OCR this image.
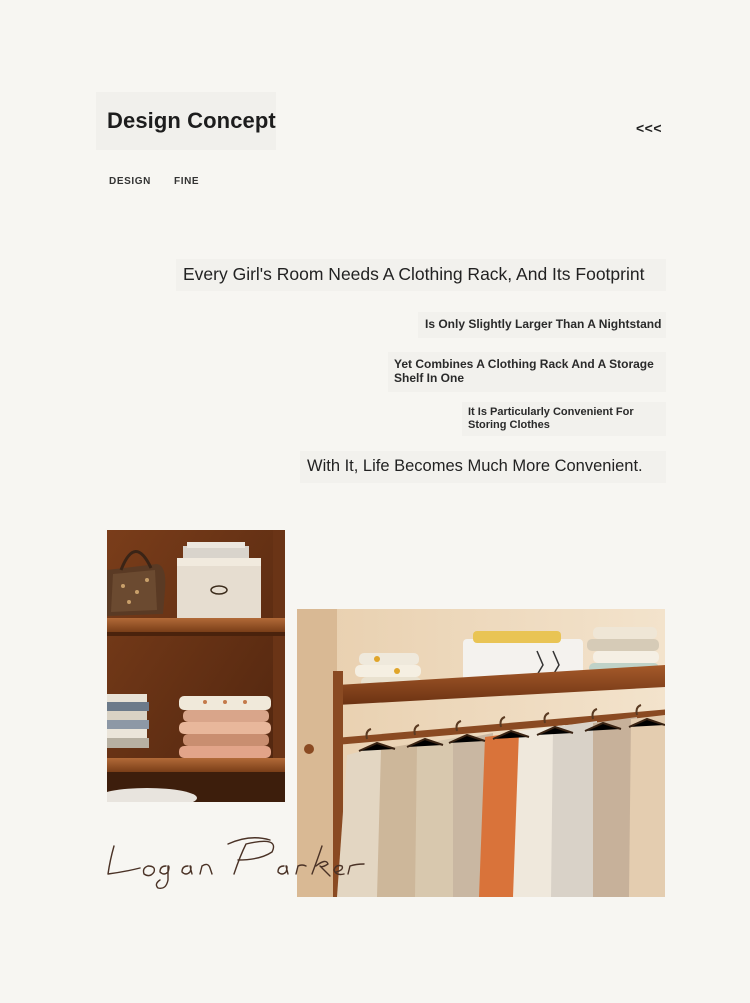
Design Concept	<<<
DESIGN FINE
Every Girl's Room Needs A Clothing Rack, And Its Footprint
Is Only Slightly Larger Than A Nightstand
Yet Combines A Clothing Rack And A Storage Shelf In One
It Is Particularly Convenient For Storing Clothes
With It, Life Becomes Much More Convenient.
